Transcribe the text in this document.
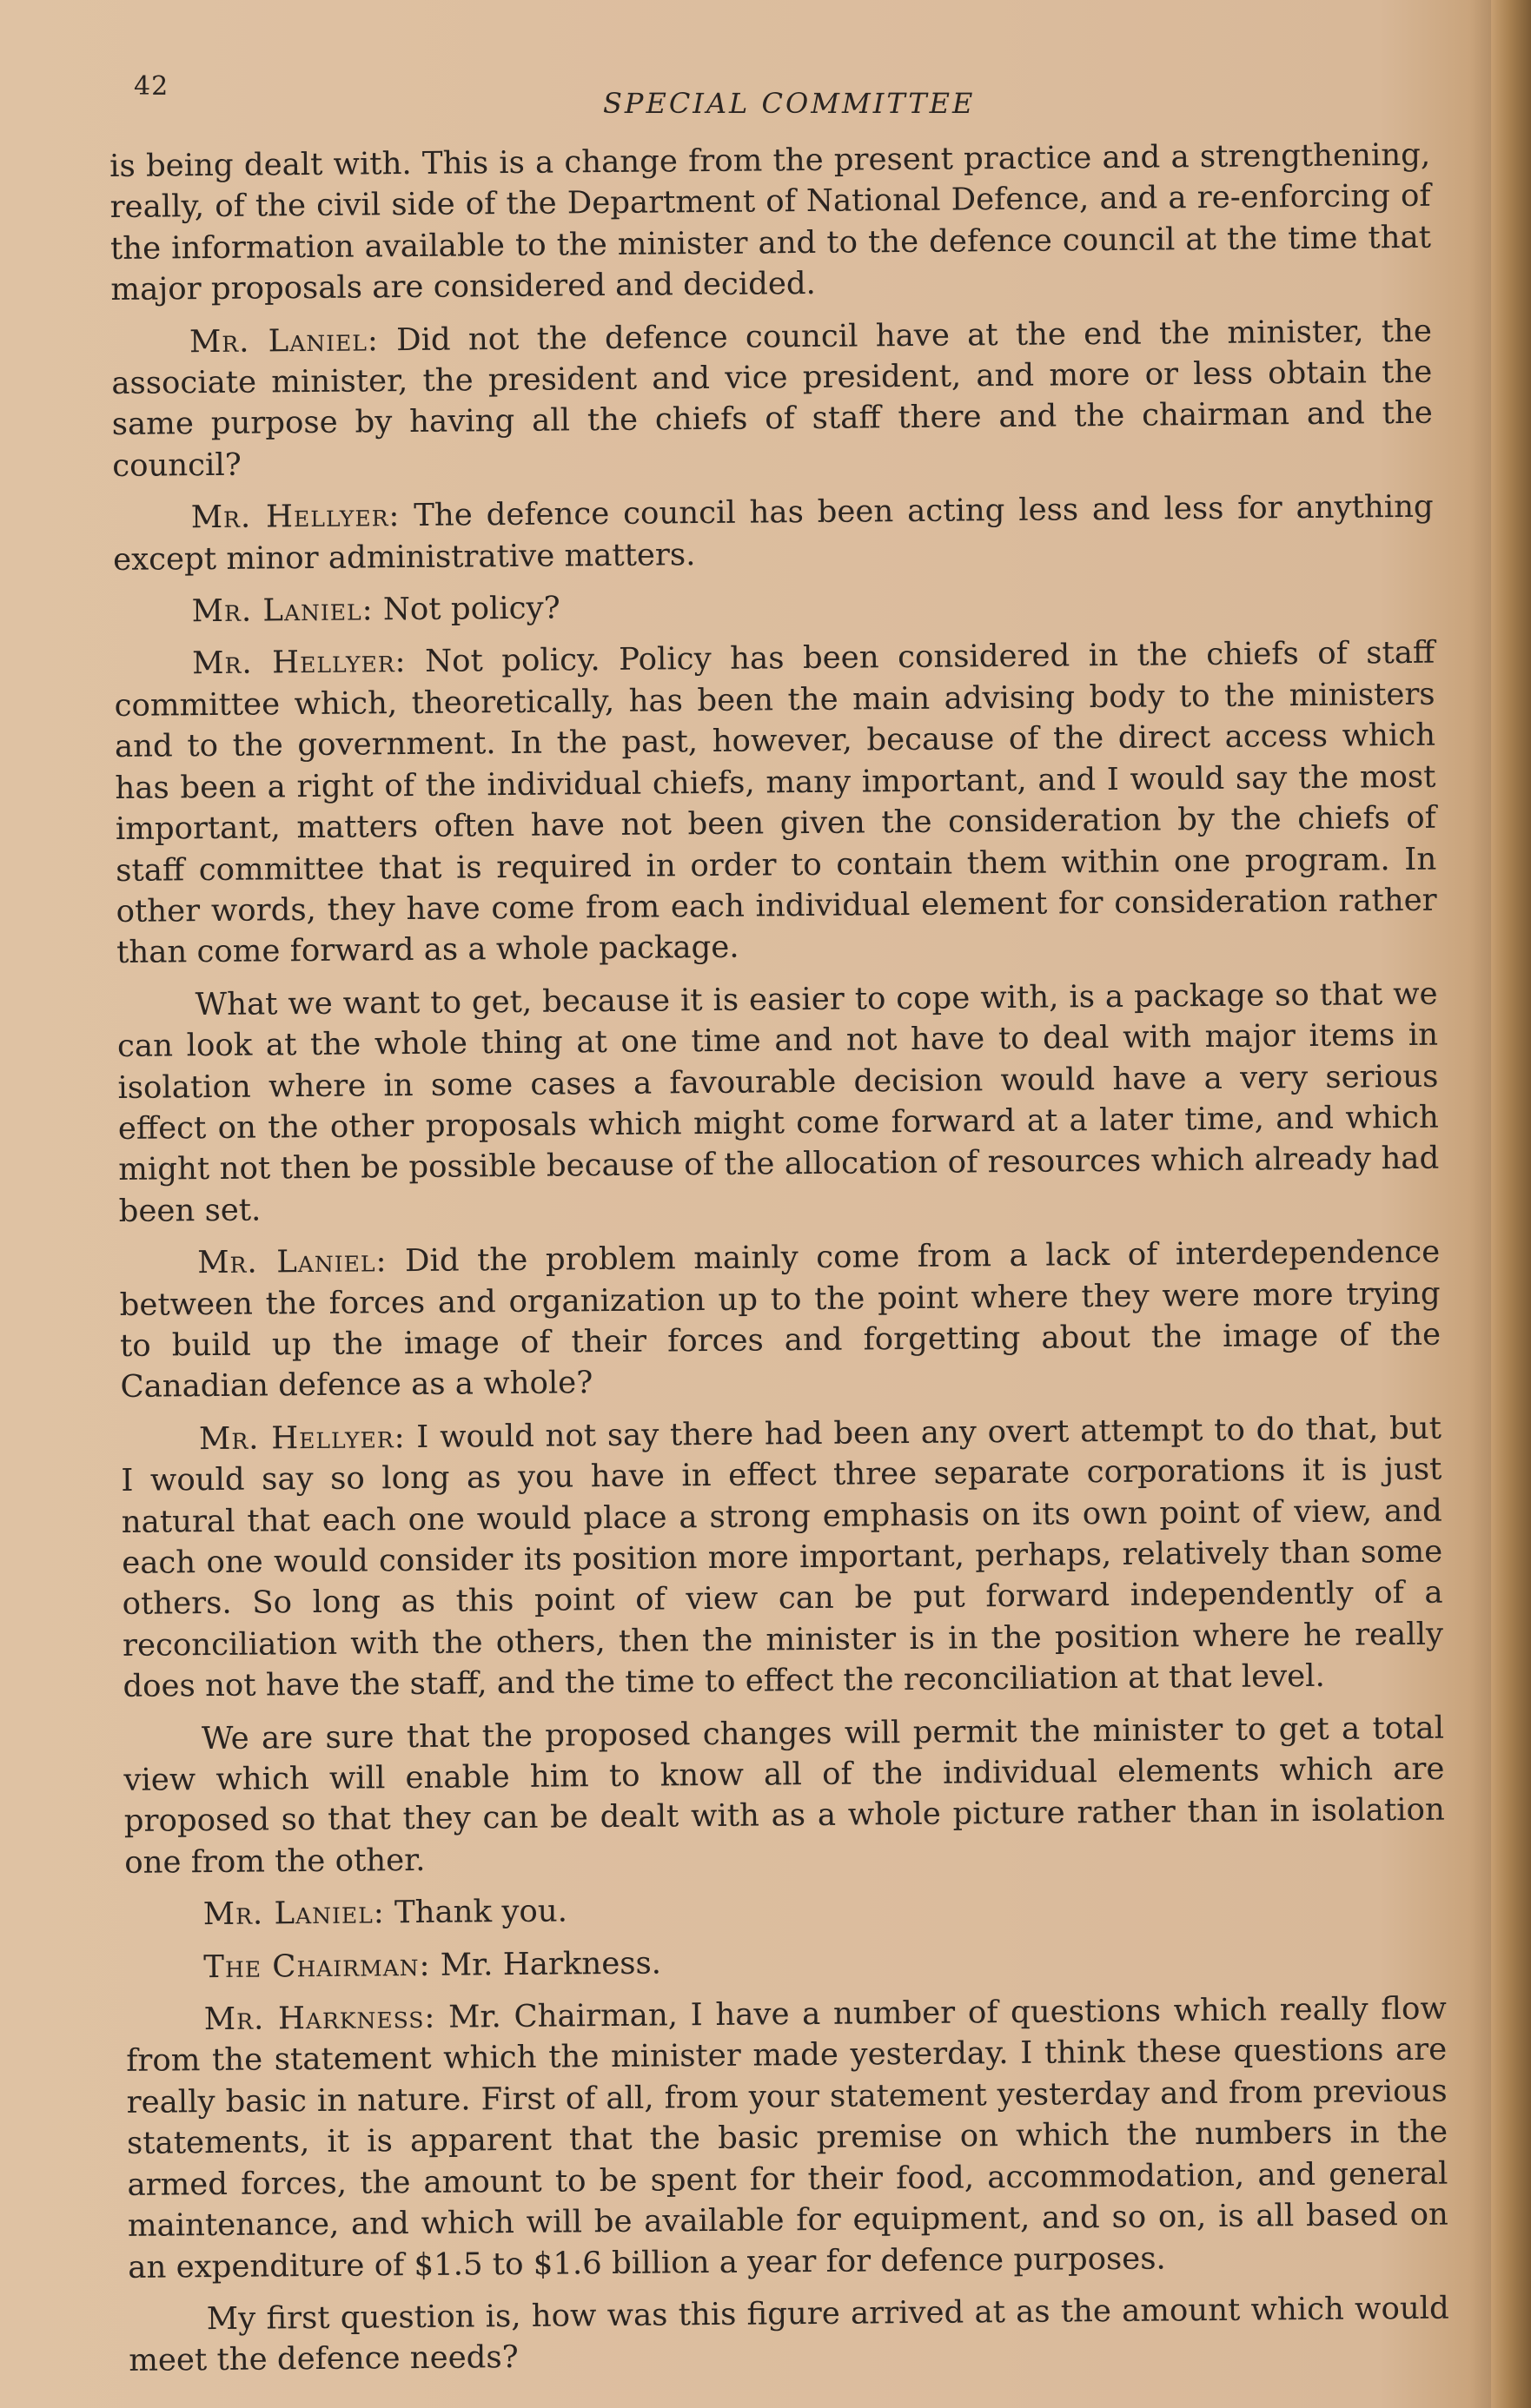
42
SPECIAL COMMITTEE

is being dealt with. This is a change from the present practice and a strengthening, really, of the civil side of the Department of National Defence, and a re-enforcing of the information available to the minister and to the defence council at the time that major proposals are considered and decided.

Mr. Laniel: Did not the defence council have at the end the minister, the associate minister, the president and vice president, and more or less obtain the same purpose by having all the chiefs of staff there and the chairman and the council?

Mr. Hellyer: The defence council has been acting less and less for anything except minor administrative matters.

Mr. Laniel: Not policy?

Mr. Hellyer: Not policy. Policy has been considered in the chiefs of staff committee which, theoretically, has been the main advising body to the ministers and to the government. In the past, however, because of the direct access which has been a right of the individual chiefs, many important, and I would say the most important, matters often have not been given the consideration by the chiefs of staff committee that is required in order to contain them within one program. In other words, they have come from each individual element for consideration rather than come forward as a whole package.

What we want to get, because it is easier to cope with, is a package so that we can look at the whole thing at one time and not have to deal with major items in isolation where in some cases a favourable decision would have a very serious effect on the other proposals which might come forward at a later time, and which might not then be possible because of the allocation of resources which already had been set.

Mr. Laniel: Did the problem mainly come from a lack of interdependence between the forces and organization up to the point where they were more trying to build up the image of their forces and forgetting about the image of the Canadian defence as a whole?

Mr. Hellyer: I would not say there had been any overt attempt to do that, but I would say so long as you have in effect three separate corporations it is just natural that each one would place a strong emphasis on its own point of view, and each one would consider its position more important, perhaps, relatively than some others. So long as this point of view can be put forward independently of a reconciliation with the others, then the minister is in the position where he really does not have the staff, and the time to effect the reconciliation at that level.

We are sure that the proposed changes will permit the minister to get a total view which will enable him to know all of the individual elements which are proposed so that they can be dealt with as a whole picture rather than in isolation one from the other.

Mr. Laniel: Thank you.

The Chairman: Mr. Harkness.

Mr. Harkness: Mr. Chairman, I have a number of questions which really flow from the statement which the minister made yesterday. I think these questions are really basic in nature. First of all, from your statement yesterday and from previous statements, it is apparent that the basic premise on which the numbers in the armed forces, the amount to be spent for their food, accommodation, and general maintenance, and which will be available for equipment, and so on, is all based on an expenditure of $1.5 to $1.6 billion a year for defence purposes.

My first question is, how was this figure arrived at as the amount which would meet the defence needs?
